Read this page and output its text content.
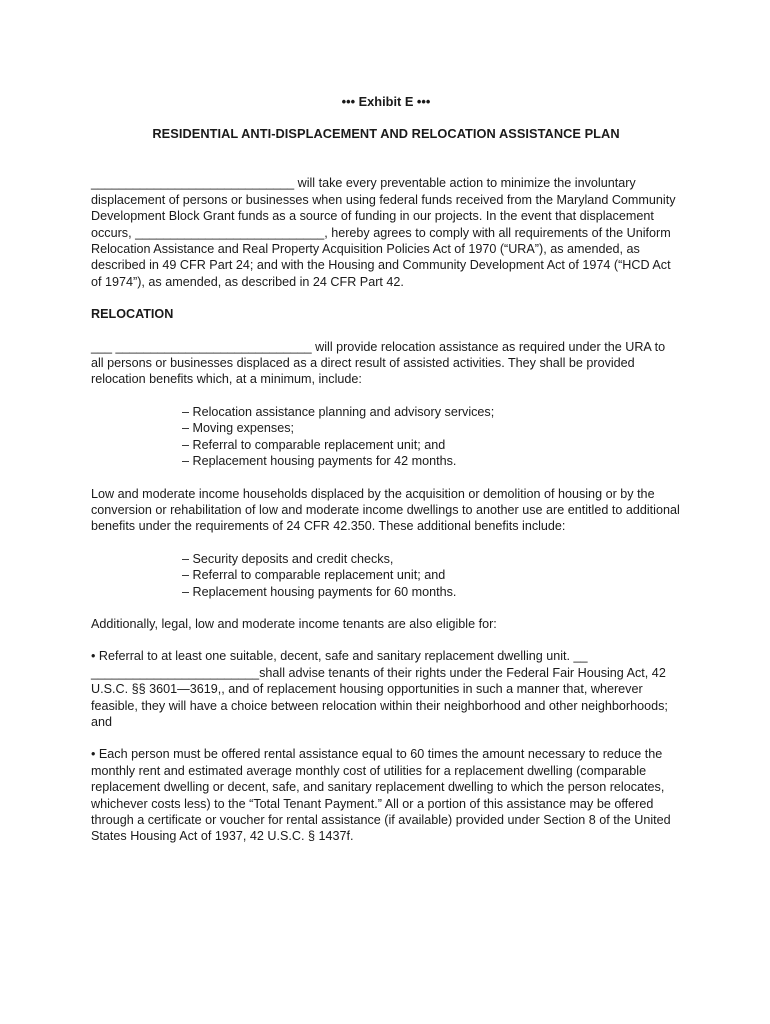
••• Exhibit E •••

RESIDENTIAL ANTI-DISPLACEMENT AND RELOCATION ASSISTANCE PLAN

_____________________________ will take every preventable action to minimize the involuntary displacement of persons or businesses when using federal funds received from the Maryland Community Development Block Grant funds as a source of funding in our projects. In the event that displacement occurs, ___________________________, hereby agrees to comply with all requirements of the Uniform Relocation Assistance and Real Property Acquisition Policies Act of 1970 (“URA”), as amended, as described in 49 CFR Part 24; and with the Housing and Community Development Act of 1974 (“HCD Act of 1974”), as amended, as described in 24 CFR Part 42.

RELOCATION

___ ____________________________ will provide relocation assistance as required under the URA to all persons or businesses displaced as a direct result of assisted activities. They shall be provided relocation benefits which, at a minimum, include:

– Relocation assistance planning and advisory services;
– Moving expenses;
– Referral to comparable replacement unit; and
– Replacement housing payments for 42 months.

Low and moderate income households displaced by the acquisition or demolition of housing or by the conversion or rehabilitation of low and moderate income dwellings to another use are entitled to additional benefits under the requirements of 24 CFR 42.350. These additional benefits include:

– Security deposits and credit checks,
– Referral to comparable replacement unit; and
– Replacement housing payments for 60 months.

Additionally, legal, low and moderate income tenants are also eligible for:

• Referral to at least one suitable, decent, safe and sanitary replacement dwelling unit. __ ________________________shall advise tenants of their rights under the Federal Fair Housing Act, 42 U.S.C. §§ 3601—3619,, and of replacement housing opportunities in such a manner that, wherever feasible, they will have a choice between relocation within their neighborhood and other neighborhoods; and

• Each person must be offered rental assistance equal to 60 times the amount necessary to reduce the monthly rent and estimated average monthly cost of utilities for a replacement dwelling (comparable replacement dwelling or decent, safe, and sanitary replacement dwelling to which the person relocates, whichever costs less) to the “Total Tenant Payment.” All or a portion of this assistance may be offered through a certificate or voucher for rental assistance (if available) provided under Section 8 of the United States Housing Act of 1937, 42 U.S.C. § 1437f.
